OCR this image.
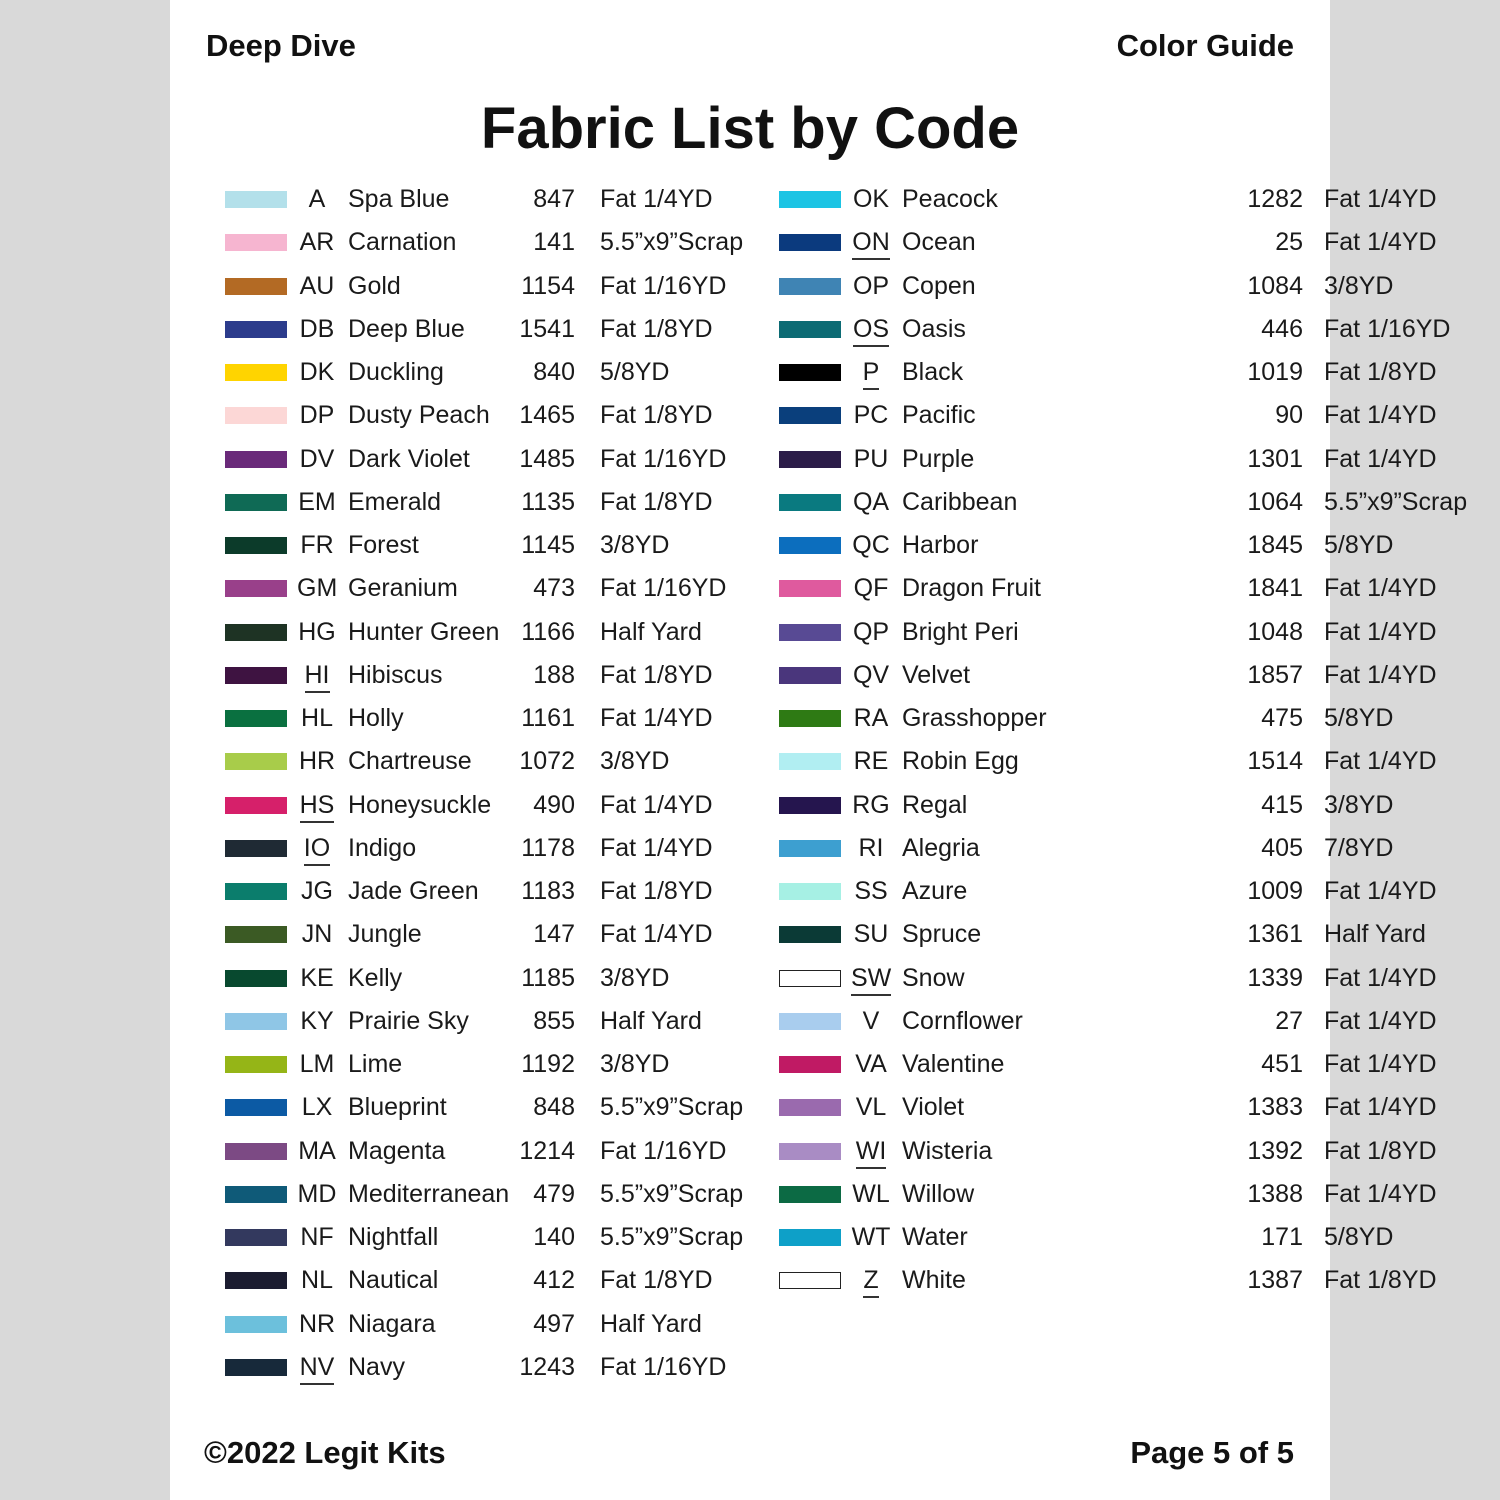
Deep Dive	Color Guide
Fabric List by Code
A Spa Blue	847 Fat 1/4YD
AR Carnation	141 5.5”x9”Scrap
AU Gold	1154 Fat 1/16YD
DB Deep Blue	1541 Fat 1/8YD
DK Duckling	840 5/8YD
DP Dusty Peach	1465 Fat 1/8YD
DV Dark Violet	1485 Fat 1/16YD
EM Emerald	1135 Fat 1/8YD
FR Forest	1145 3/8YD
GM Geranium	473 Fat 1/16YD
HG Hunter Green 1166 Half Yard
HI Hibiscus	188 Fat 1/8YD
HL Holly	1161 Fat 1/4YD
HR Chartreuse	1072 3/8YD
HS Honeysuckle	490 Fat 1/4YD
IO Indigo	1178 Fat 1/4YD
JG Jade Green	1183 Fat 1/8YD
JN Jungle	147 Fat 1/4YD
KE Kelly	1185 3/8YD
KY Prairie Sky	855 Half Yard
LM Lime	1192 3/8YD
LX Blueprint	848 5.5”x9”Scrap
MA Magenta	1214 Fat 1/16YD
MD Mediterranean 479 5.5”x9”Scrap
NF Nightfall	140 5.5”x9”Scrap
NL Nautical	412 Fat 1/8YD
NR Niagara	497 Half Yard
NV Navy	1243 Fat 1/16YD
OK Peacock	1282 Fat 1/4YD
ON Ocean	25 Fat 1/4YD
OP Copen	1084 3/8YD
OS Oasis	446 Fat 1/16YD
P Black	1019 Fat 1/8YD
PC Pacific	90 Fat 1/4YD
PU Purple	1301 Fat 1/4YD
QA Caribbean	1064 5.5”x9”Scrap
QC Harbor	1845 5/8YD
QF Dragon Fruit	1841 Fat 1/4YD
QP Bright Peri	1048 Fat 1/4YD
QV Velvet	1857 Fat 1/4YD
RA Grasshopper	475 5/8YD
RE Robin Egg	1514 Fat 1/4YD
RG Regal	415 3/8YD
RI Alegria	405 7/8YD
SS Azure	1009 Fat 1/4YD
SU Spruce	1361 Half Yard
SW Snow	1339 Fat 1/4YD
V Cornflower	27 Fat 1/4YD
VA Valentine	451 Fat 1/4YD
VL Violet	1383 Fat 1/4YD
WI Wisteria	1392 Fat 1/8YD
WL Willow	1388 Fat 1/4YD
WT Water	171 5/8YD
Z White	1387 Fat 1/8YD
©2022 Legit Kits	Page 5 of 5
